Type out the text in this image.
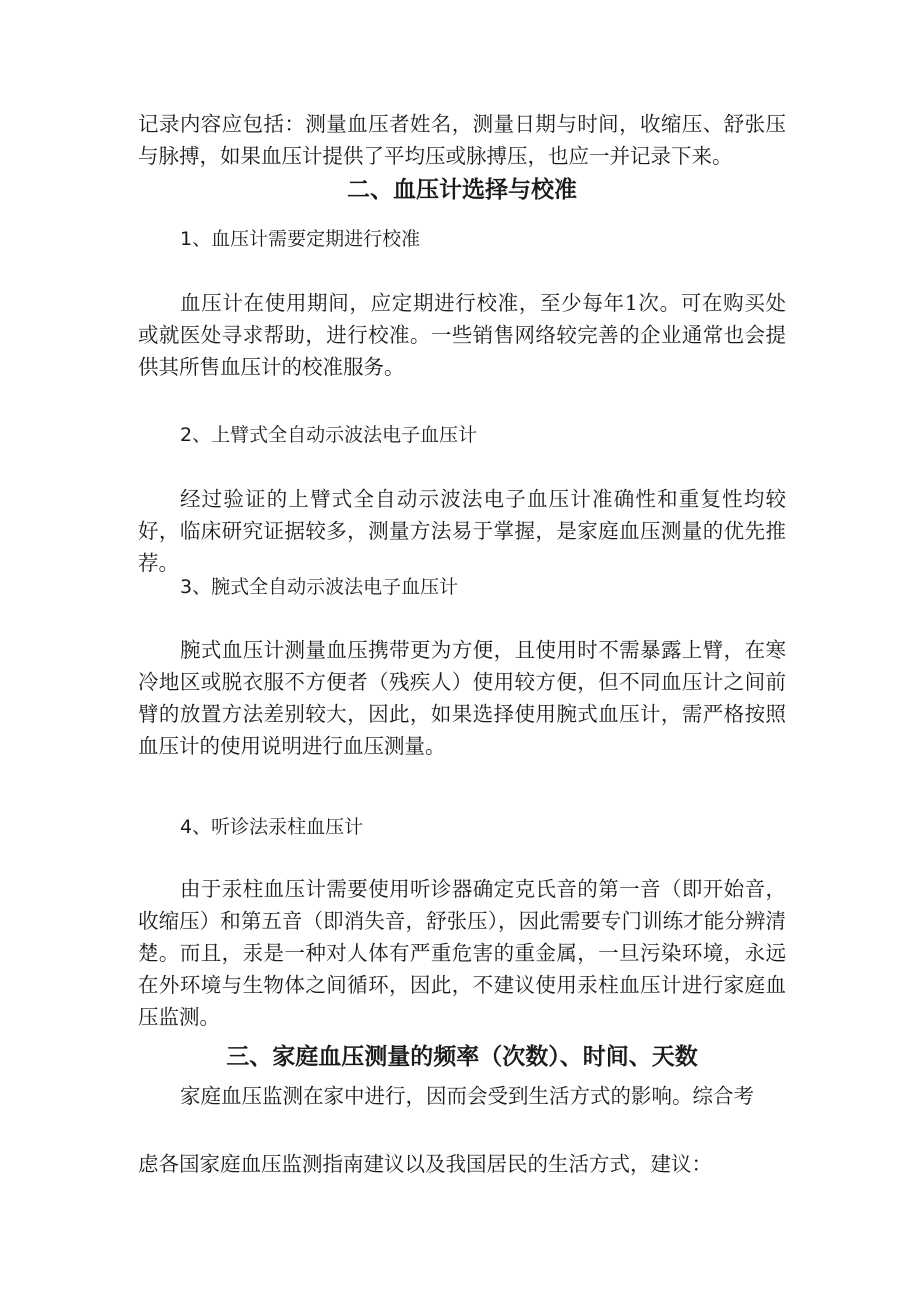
记录内容应包括：测量血压者姓名，测量日期与时间，收缩压、舒张压与脉搏，如果血压计提供了平均压或脉搏压，也应一并记录下来。

二、血压计选择与校准

1、血压计需要定期进行校准

血压计在使用期间，应定期进行校准，至少每年1次。可在购买处或就医处寻求帮助，进行校准。一些销售网络较完善的企业通常也会提供其所售血压计的校准服务。

2、上臂式全自动示波法电子血压计

经过验证的上臂式全自动示波法电子血压计准确性和重复性均较好，临床研究证据较多，测量方法易于掌握，是家庭血压测量的优先推荐。

3、腕式全自动示波法电子血压计

腕式血压计测量血压携带更为方便，且使用时不需暴露上臂，在寒冷地区或脱衣服不方便者（残疾人）使用较方便，但不同血压计之间前臂的放置方法差别较大，因此，如果选择使用腕式血压计，需严格按照血压计的使用说明进行血压测量。

4、听诊法汞柱血压计

由于汞柱血压计需要使用听诊器确定克氏音的第一音（即开始音，收缩压）和第五音（即消失音，舒张压），因此需要专门训练才能分辨清楚。而且，汞是一种对人体有严重危害的重金属，一旦污染环境，永远在外环境与生物体之间循环，因此，不建议使用汞柱血压计进行家庭血压监测。

三、家庭血压测量的频率（次数）、时间、天数

家庭血压监测在家中进行，因而会受到生活方式的影响。综合考

虑各国家庭血压监测指南建议以及我国居民的生活方式，建议：
